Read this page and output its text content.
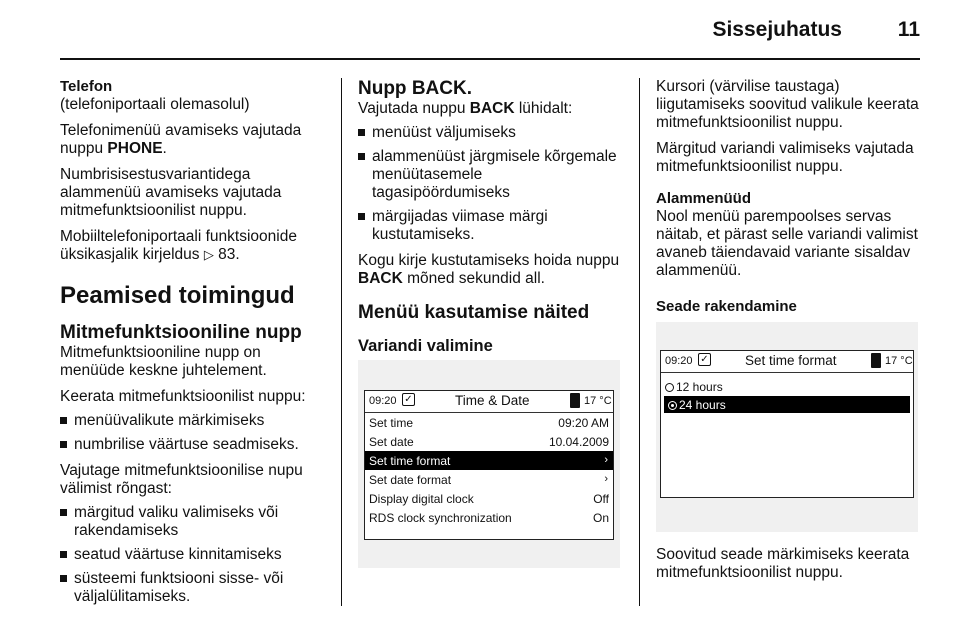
Sissejuhatus	11
Telefon

(telefoniportaali olemasolul)

Telefonimenüü avamiseks vajutada nuppu PHONE.

Numbrisisestusvariantidega alammenüü avamiseks vajutada mitmefunktsioonilist nuppu.

Mobiiltelefoniportaali funktsioonide üksikasjalik kirjeldus ▷ 83.

Peamised toimingud
Mitmefunktsiooniline nupp

Mitmefunktsiooniline nupp on menüüde keskne juhtelement.

Keerata mitmefunktsioonilist nuppu:

menüüvalikute märkimiseks
numbrilise väärtuse seadmiseks.

Vajutage mitmefunktsioonilise nupu välimist rõngast:

märgitud valiku valimiseks või rakendamiseks
seatud väärtuse kinnitamiseks
süsteemi funktsiooni sisse- või väljalülitamiseks.
Nupp BACK.

Vajutada nuppu BACK lühidalt:

menüüst väljumiseks
alammenüüst järgmisele kõrgemale menüütasemele tagasipöördumiseks
märgijadas viimase märgi kustutamiseks.

Kogu kirje kustutamiseks hoida nuppu BACK mõned sekundid all.

Menüü kasutamise näited
Variandi valimine
09:20 ✓	Time & Date	17 °C
Set time	09:20 AM
Set date	10.04.2009
Set time format	›
Set date format	›
Display digital clock	Off
RDS clock synchronization	On

Kursori (värvilise taustaga) liigutamiseks soovitud valikule keerata mitmefunktsioonilist nuppu.

Märgitud variandi valimiseks vajutada mitmefunktsioonilist nuppu.

Alammenüüd

Nool menüü parempoolses servas näitab, et pärast selle variandi valimist avaneb täiendavaid variante sisaldav alammenüü.

Seade rakendamine
09:20 ✓	Set time format	17 °C
12 hours
24 hours

Soovitud seade märkimiseks keerata mitmefunktsioonilist nuppu.
